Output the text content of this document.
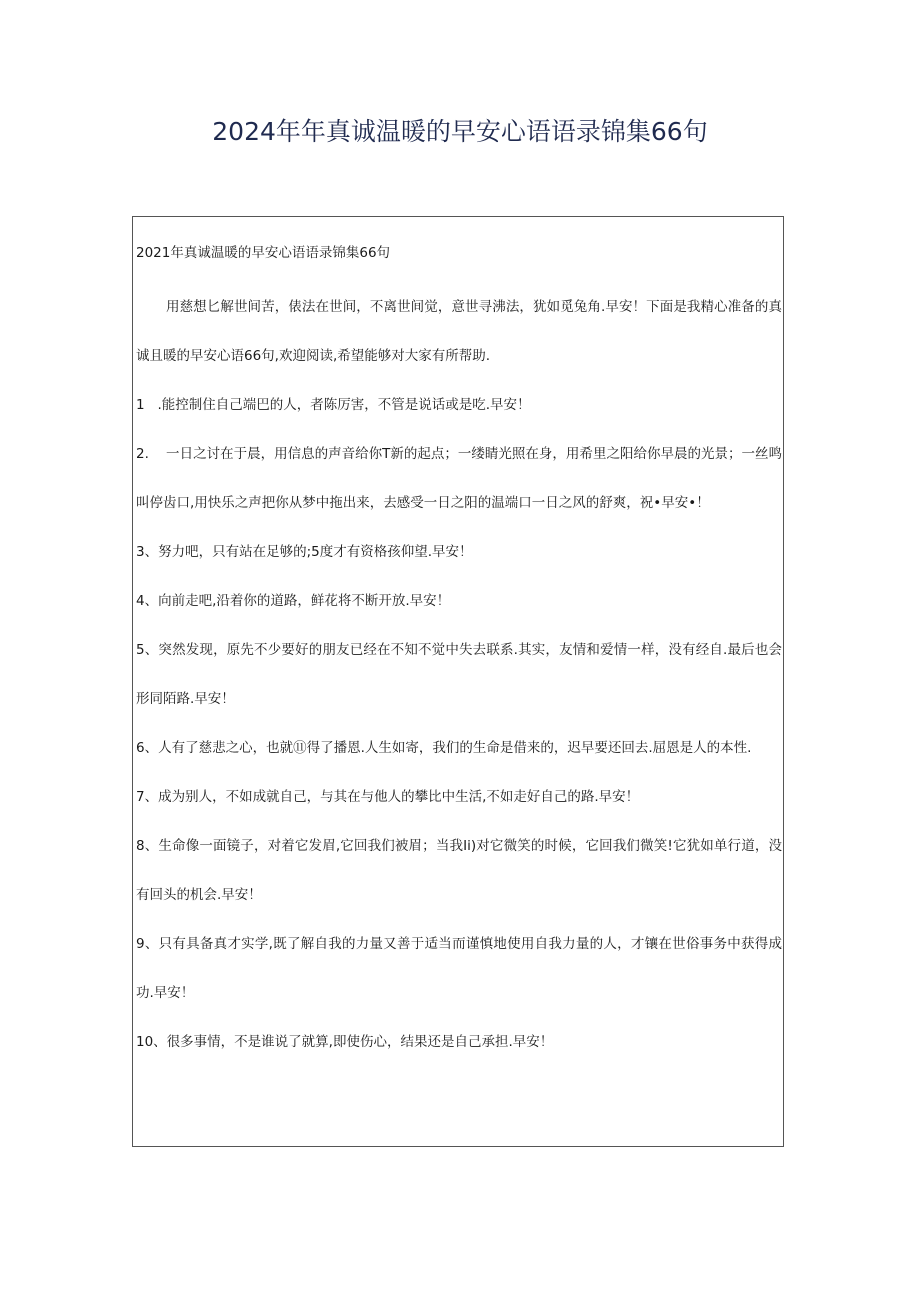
2024年年真诚温暖的早安心语语录锦集66句
2021年真诚温暖的早安心语语录锦集66句

用慈想匕解世间苦，俵法在世间，不离世间觉，意世寻沸法，犹如觅兔角.早安！下面是我精心准备的真诚且暖的早安心语66句,欢迎阅读,希望能够对大家有所帮助.

1   .能控制住自己端巴的人，者陈厉害，不管是说话或是吃.早安！

2.    一日之讨在于晨，用信息的声音给你T新的起点；一缕睛光照在身，用希里之阳给你早晨的光景；一丝鸣叫停齿口,用快乐之声把你从梦中拖出来，去感受一日之阳的温端口一日之风的舒爽，祝•早安•！

3、努力吧，只有站在足够的;5度才有资格孩仰望.早安！

4、向前走吧,沿着你的道路，鲜花将不断开放.早安！

5、突然发现，原先不少要好的朋友已经在不知不觉中失去联系.其实，友情和爱情一样，没有经自.最后也会形同陌路.早安！

6、人有了慈悲之心，也就⑪得了播恩.人生如寄，我们的生命是借来的，迟早要还回去.屈恩是人的本性.

7、成为别人，不如成就自己，与其在与他人的攀比中生活,不如走好自己的路.早安！

8、生命像一面镜子，对着它发眉,它回我们被眉；当我Ii)对它微笑的时候，它回我们微笑!它犹如单行道，没有回头的机会.早安！

9、只有具备真才实学,既了解自我的力量又善于适当而谨慎地使用自我力量的人，才镶在世俗事务中获得成功.早安！

10、很多事情，不是谁说了就算,即使伤心，结果还是自己承担.早安！
